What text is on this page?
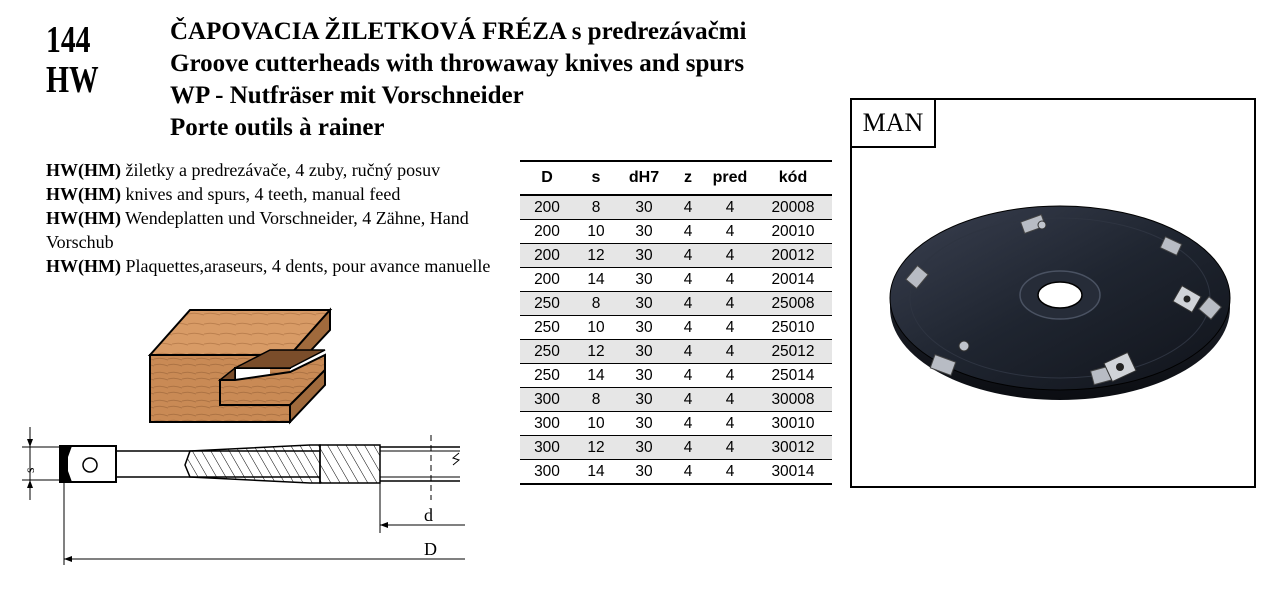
144
HW
ČAPOVACIA ŽILETKOVÁ FRÉZA s predrezávačmi
Groove cutterheads with throwaway knives and spurs
WP - Nutfräser mit Vorschneider
Porte outils à rainer

HW(HM) žiletky a predrezávače, 4 zuby, ručný posuv

HW(HM) knives and spurs, 4 teeth, manual feed

HW(HM) Wendeplatten und Vorschneider, 4 Zähne, Hand Vorschub

HW(HM) Plaquettes,araseurs, 4 dents, pour avance manuelle

s
d
D
D	s	dH7	z	pred	kód
200	8	30	4	4	20008
200	10	30	4	4	20010
200	12	30	4	4	20012
200	14	30	4	4	20014
250	8	30	4	4	25008
250	10	30	4	4	25010
250	12	30	4	4	25012
250	14	30	4	4	25014
300	8	30	4	4	30008
300	10	30	4	4	30010
300	12	30	4	4	30012
300	14	30	4	4	30014
MAN
